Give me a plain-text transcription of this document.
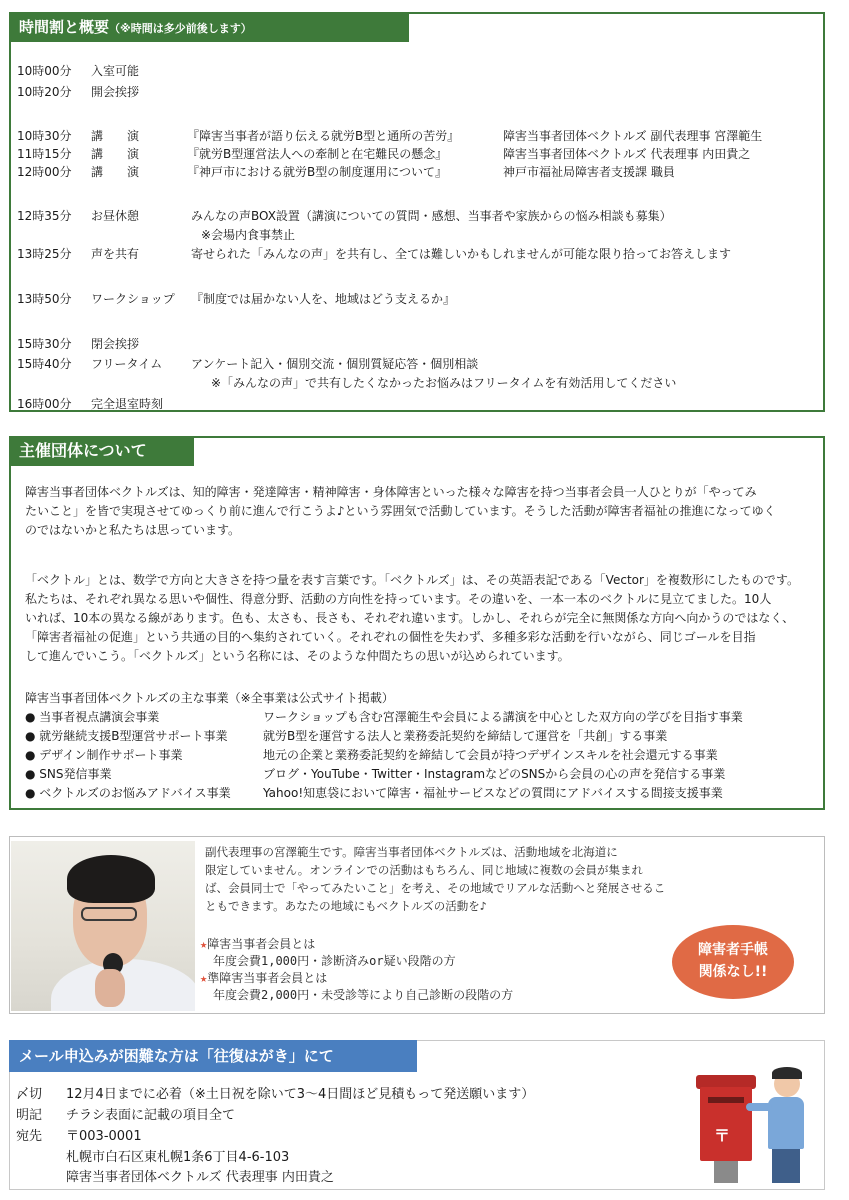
時間割と概要（※時間は多少前後します）
10時00分 入室可能
10時20分 開会挨拶
10時30分 講　　演	『障害当事者が語り伝える就労B型と通所の苦労』	障害当事者団体ベクトルズ 副代表理事 宮澤範生
11時15分 講　　演	『就労B型運営法人への牽制と在宅難民の懸念』	障害当事者団体ベクトルズ 代表理事 内田貴之
12時00分 講　　演	『神戸市における就労B型の制度運用について』	神戸市福祉局障害者支援課 職員
12時35分 お昼休憩	みんなの声BOX設置（講演についての質問・感想、当事者や家族からの悩み相談も募集）
※会場内食事禁止
13時25分 声を共有	寄せられた「みんなの声」を共有し、全ては難しいかもしれませんが可能な限り拾ってお答えします
13時50分 ワークショップ 『制度では届かない人を、地域はどう支えるか』
15時30分 閉会挨拶
15時40分 フリータイム アンケート記入・個別交流・個別質疑応答・個別相談
※「みんなの声」で共有したくなかったお悩みはフリータイムを有効活用してください
16時00分 完全退室時刻
主催団体について
障害当事者団体ベクトルズは、知的障害・発達障害・精神障害・身体障害といった様々な障害を持つ当事者会員一人ひとりが「やってみ
たいこと」を皆で実現させてゆっくり前に進んで行こうよ♪という雰囲気で活動しています。そうした活動が障害者福祉の推進になってゆく
のではないかと私たちは思っています。
「ベクトル」とは、数学で方向と大きさを持つ量を表す言葉です。「ベクトルズ」は、その英語表記である「Vector」を複数形にしたものです。
私たちは、それぞれ異なる思いや個性、得意分野、活動の方向性を持っています。その違いを、一本一本のベクトルに見立てました。10人
いれば、10本の異なる線があります。色も、太さも、長さも、それぞれ違います。しかし、それらが完全に無関係な方向へ向かうのではなく、
「障害者福祉の促進」という共通の目的へ集約されていく。それぞれの個性を失わず、多種多彩な活動を行いながら、同じゴールを目指
して進んでいこう。「ベクトルズ」という名称には、そのような仲間たちの思いが込められています。
障害当事者団体ベクトルズの主な事業（※全事業は公式サイト掲載）
● 当事者視点講演会事業	ワークショップも含む宮澤範生や会員による講演を中心とした双方向の学びを目指す事業
● 就労継続支援B型運営サポート事業	就労B型を運営する法人と業務委託契約を締結して運営を「共創」する事業
● デザイン制作サポート事業	地元の企業と業務委託契約を締結して会員が持つデザインスキルを社会還元する事業
● SNS発信事業	ブログ・YouTube・Twitter・InstagramなどのSNSから会員の心の声を発信する事業
● ベクトルズのお悩みアドバイス事業	Yahoo!知恵袋において障害・福祉サービスなどの質問にアドバイスする間接支援事業
副代表理事の宮澤範生です。障害当事者団体ベクトルズは、活動地域を北海道に
限定していません。オンラインでの活動はもちろん、同じ地域に複数の会員が集まれ
ば、会員同士で「やってみたいこと」を考え、その地域でリアルな活動へと発展させるこ
ともできます。あなたの地域にもベクトルズの活動を♪
★障害当事者会員とは
年度会費1,000円・診断済みor疑い段階の方
★準障害当事者会員とは
年度会費2,000円・未受診等により自己診断の段階の方
障害者手帳
関係なし!!
メール申込みが困難な方は「往復はがき」にて
〆切 12月4日までに必着（※土日祝を除いて3〜4日間ほど見積もって発送願います）
明記 チラシ表面に記載の項目全て
宛先 〒003-0001
札幌市白石区東札幌1条6丁目4-6-103
障害当事者団体ベクトルズ 代表理事 内田貴之
〒
